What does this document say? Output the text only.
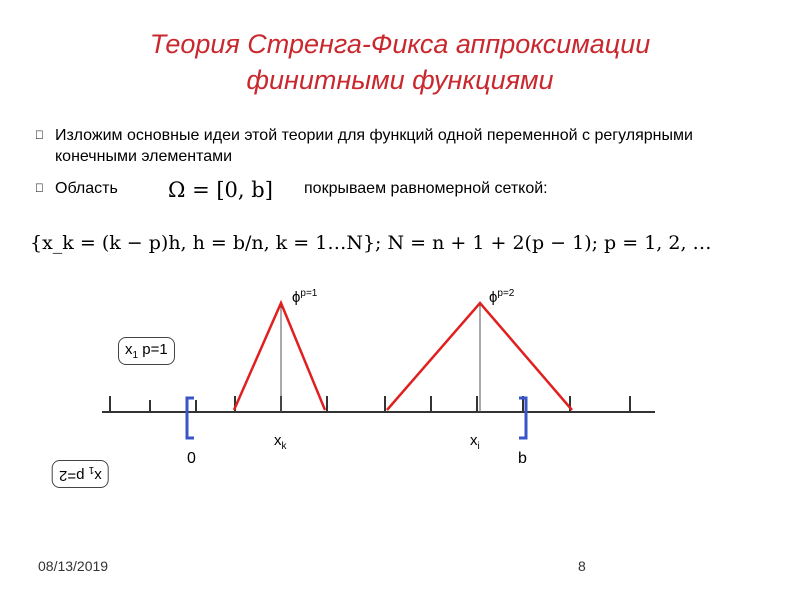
Теория Стренга-Фикса аппроксимации
финитными функциями
Изложим основные идеи этой теории для функций одной переменной с регулярными конечными элементами
Область	покрываем равномерной сеткой:
Ω = [0, b]
{x_k = (k − p)h, h = b/n, k = 1…N}; N = n + 1 + 2(p − 1); p = 1, 2, …
$\phi^{p=1}$	$\phi^{p=2}$
$x_k$	$x_i$
0	b
$x_1$ p=1
$x_1$ p=2
08/13/2019	8
